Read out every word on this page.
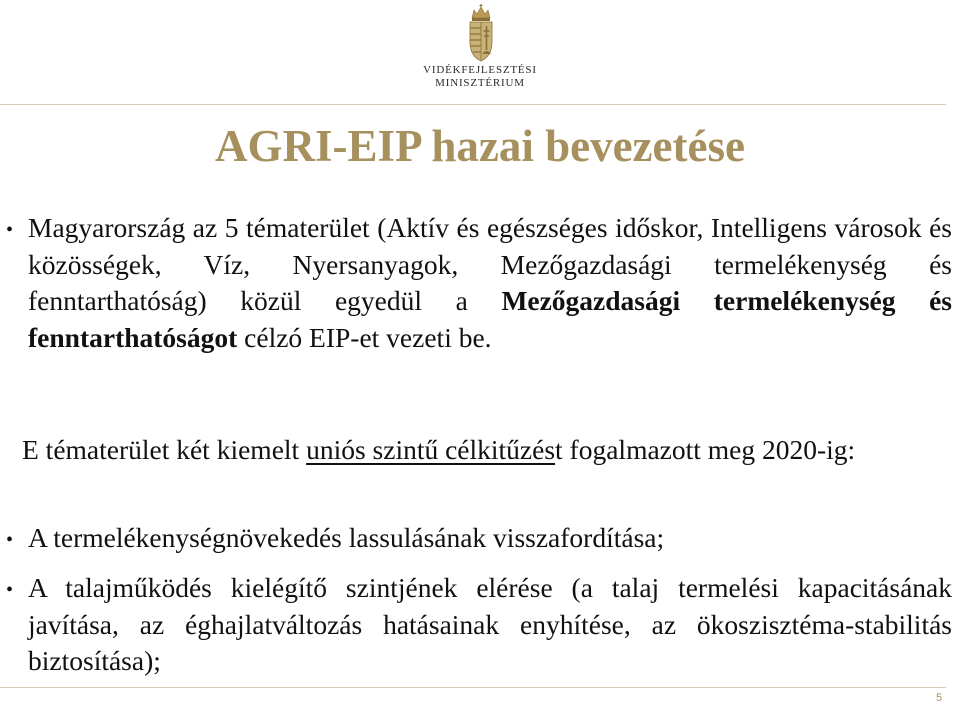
VIDÉKFEJLESZTÉSI
MINISZTÉRIUM
AGRI-EIP hazai bevezetése
• Magyarország az 5 tématerület (Aktív és egészséges időskor, Intelligens városok és közösségek, Víz, Nyersanyagok, Mezőgazdasági termelékenység és fenntarthatóság) közül egyedül a Mezőgazdasági termelékenység és fenntarthatóságot célzó EIP-et vezeti be.
E tématerület két kiemelt uniós szintű célkitűzést fogalmazott meg 2020-ig:
• A termelékenységnövekedés lassulásának visszafordítása;
• A talajműködés kielégítő szintjének elérése (a talaj termelési kapacitásának javítása, az éghajlatváltozás hatásainak enyhítése, az ökoszisztéma-stabilitás biztosítása);
5
